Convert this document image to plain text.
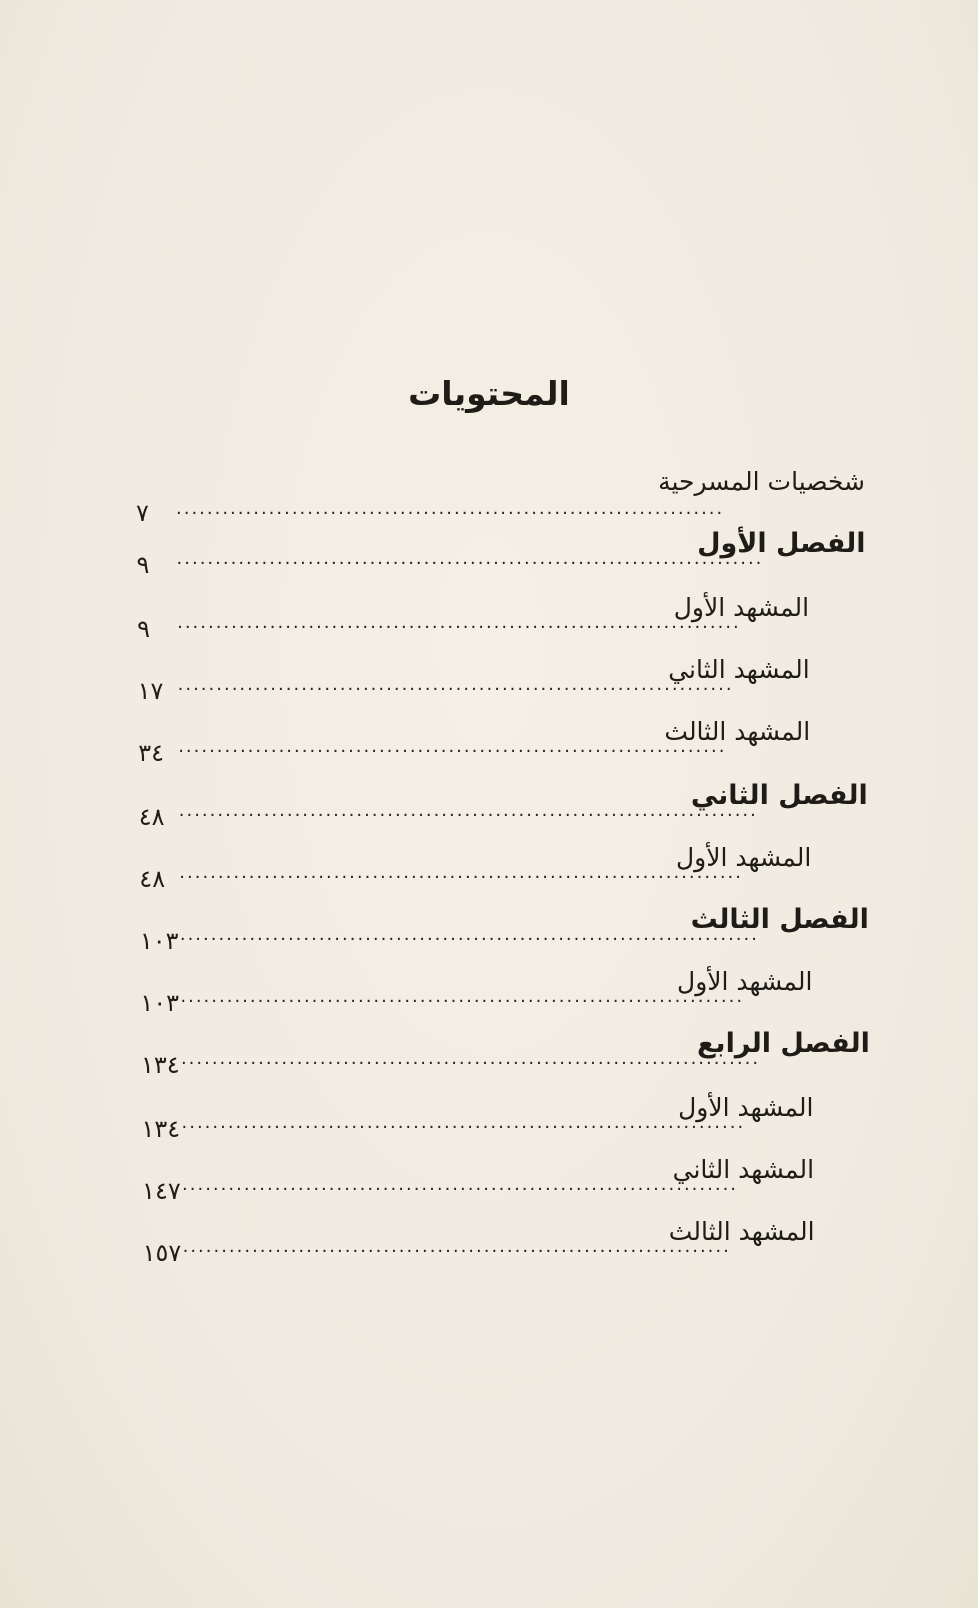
المحتويات
شخصيات المسرحية
.......................................................................
٧
الفصل الأول
............................................................................
٩
المشهد الأول
.........................................................................
٩
المشهد الثاني
........................................................................
١٧
المشهد الثالث
.......................................................................
٣٤
الفصل الثاني
...........................................................................
٤٨
المشهد الأول
.........................................................................
٤٨
الفصل الثالث
...........................................................................
١٠٣
المشهد الأول
.........................................................................
١٠٣
الفصل الرابع
...........................................................................
١٣٤
المشهد الأول
.........................................................................
١٣٤
المشهد الثاني
........................................................................
١٤٧
المشهد الثالث
.......................................................................
١٥٧
